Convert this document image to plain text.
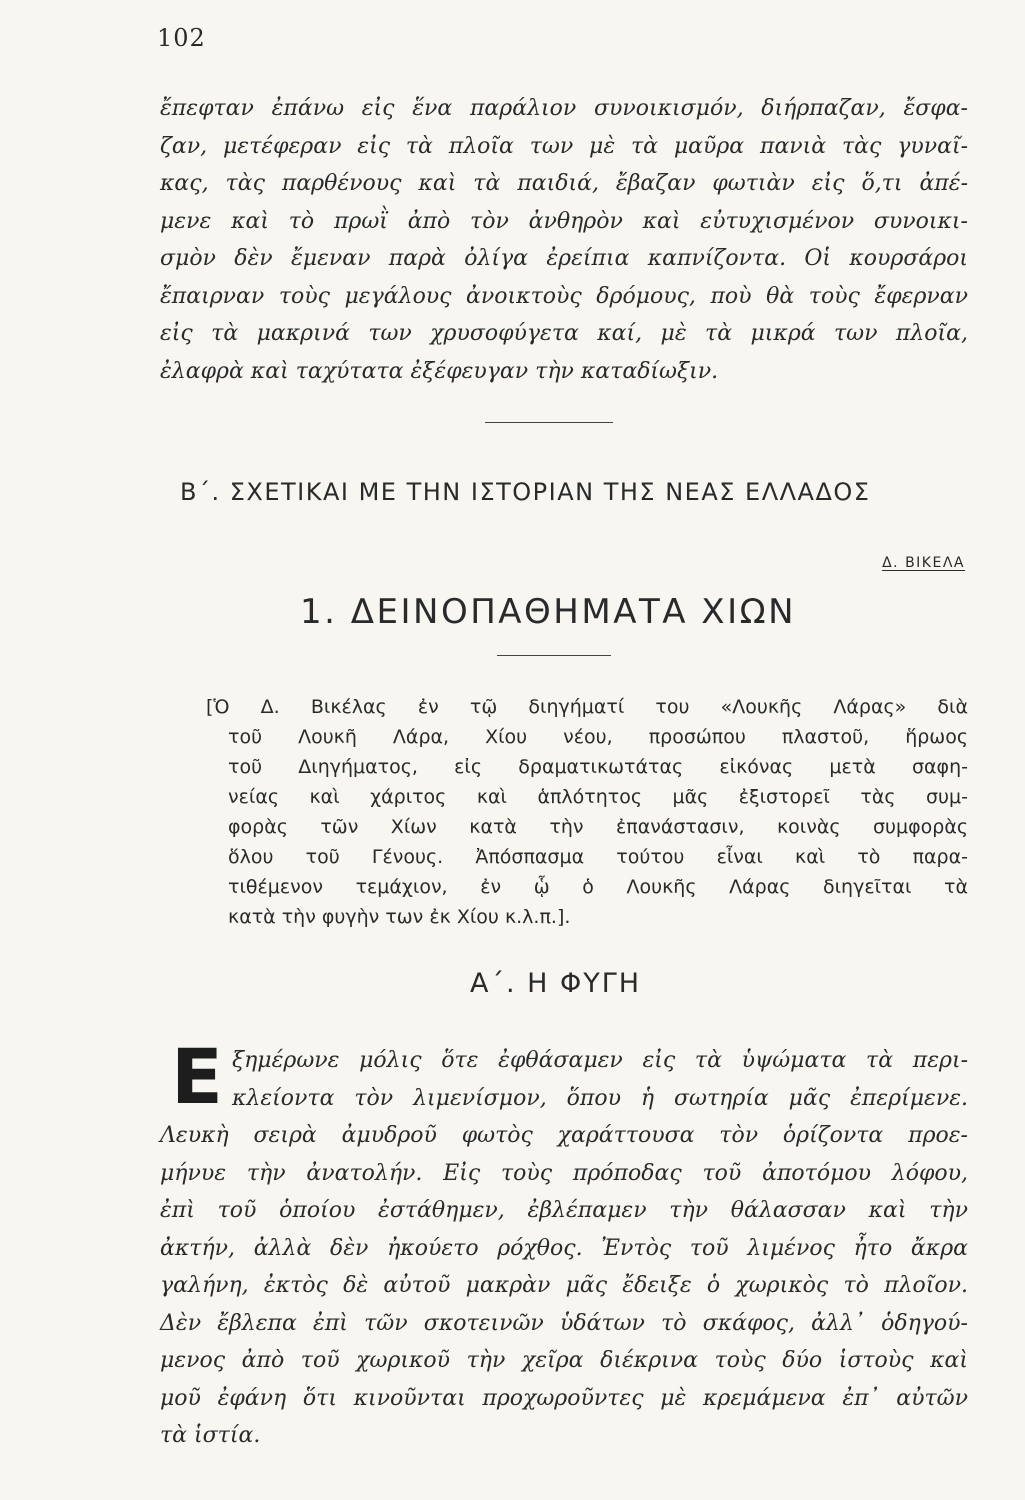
102

ἔπεφταν ἐπάνω εἰς ἕνα παράλιον συνοικισμόν, διήρπαζαν, ἔσφα-
ζαν, μετέφεραν εἰς τὰ πλοῖα των μὲ τὰ μαῦρα πανιὰ τὰς γυναῖ-
κας, τὰς παρθένους καὶ τὰ παιδιά, ἔβαζαν φωτιὰν εἰς ὅ,τι ἀπέ-
μενε καὶ τὸ πρωῒ ἀπὸ τὸν ἀνθηρὸν καὶ εὐτυχισμένον συνοικι-
σμὸν δὲν ἔμεναν παρὰ ὀλίγα ἐρείπια καπνίζοντα. Οἱ κουρσάροι
ἔπαιρναν τοὺς μεγάλους ἀνοικτοὺς δρόμους, ποὺ θὰ τοὺς ἔφερναν
εἰς τὰ μακρινά των χρυσοφύγετα καί, μὲ τὰ μικρά των πλοῖα,
ἐλαφρὰ καὶ ταχύτατα ἐξέφευγαν τὴν καταδίωξιν.

Β΄. ΣΧΕΤΙΚΑΙ ΜΕ ΤΗΝ ΙΣΤΟΡΙΑΝ ΤΗΣ ΝΕΑΣ ΕΛΛΑΔΟΣ
Δ. ΒΙΚΕΛΑ
1. ΔΕΙΝΟΠΑΘΗΜΑΤΑ ΧΙΩΝ
[Ὁ Δ. Βικέλας ἐν τῷ διηγήματί του «Λουκῆς Λάρας» διὰ
τοῦ Λουκῆ Λάρα, Χίου νέου, προσώπου πλαστοῦ, ἥρωος
τοῦ Διηγήματος, εἰς δραματικωτάτας εἰκόνας μετὰ σαφη-
νείας καὶ χάριτος καὶ ἁπλότητος μᾶς ἐξιστορεῖ τὰς συμ-
φορὰς τῶν Χίων κατὰ τὴν ἐπανάστασιν, κοινὰς συμφορὰς
ὅλου τοῦ Γένους. Ἀπόσπασμα τούτου εἶναι καὶ τὸ παρα-
τιθέμενον τεμάχιον, ἐν ᾧ ὁ Λουκῆς Λάρας διηγεῖται τὰ
κατὰ τὴν φυγὴν των ἐκ Χίου κ.λ.π.].
Α΄. Η ΦΥΓΗ
Ε ξημέρωνε μόλις ὅτε ἐφθάσαμεν εἰς τὰ ὑψώματα τὰ περι-
κλείοντα τὸν λιμενίσμον, ὅπου ἡ σωτηρία μᾶς ἐπερίμενε.
Λευκὴ σειρὰ ἀμυδροῦ φωτὸς χαράττουσα τὸν ὁρίζοντα προε-
μήνυε τὴν ἀνατολήν. Εἰς τοὺς πρόποδας τοῦ ἀποτόμου λόφου,
ἐπὶ τοῦ ὁποίου ἐστάθημεν, ἐβλέπαμεν τὴν θάλασσαν καὶ τὴν
ἀκτήν, ἀλλὰ δὲν ἠκούετο ρόχθος. Ἐντὸς τοῦ λιμένος ἦτο ἄκρα
γαλήνη, ἐκτὸς δὲ αὐτοῦ μακρὰν μᾶς ἔδειξε ὁ χωρικὸς τὸ πλοῖον.
Δὲν ἔβλεπα ἐπὶ τῶν σκοτεινῶν ὑδάτων τὸ σκάφος, ἀλλ᾽ ὁδηγού-
μενος ἀπὸ τοῦ χωρικοῦ τὴν χεῖρα διέκρινα τοὺς δύο ἱστοὺς καὶ
μοῦ ἐφάνη ὅτι κινοῦνται προχωροῦντες μὲ κρεμάμενα ἐπ᾽ αὐτῶν
τὰ ἱστία.
